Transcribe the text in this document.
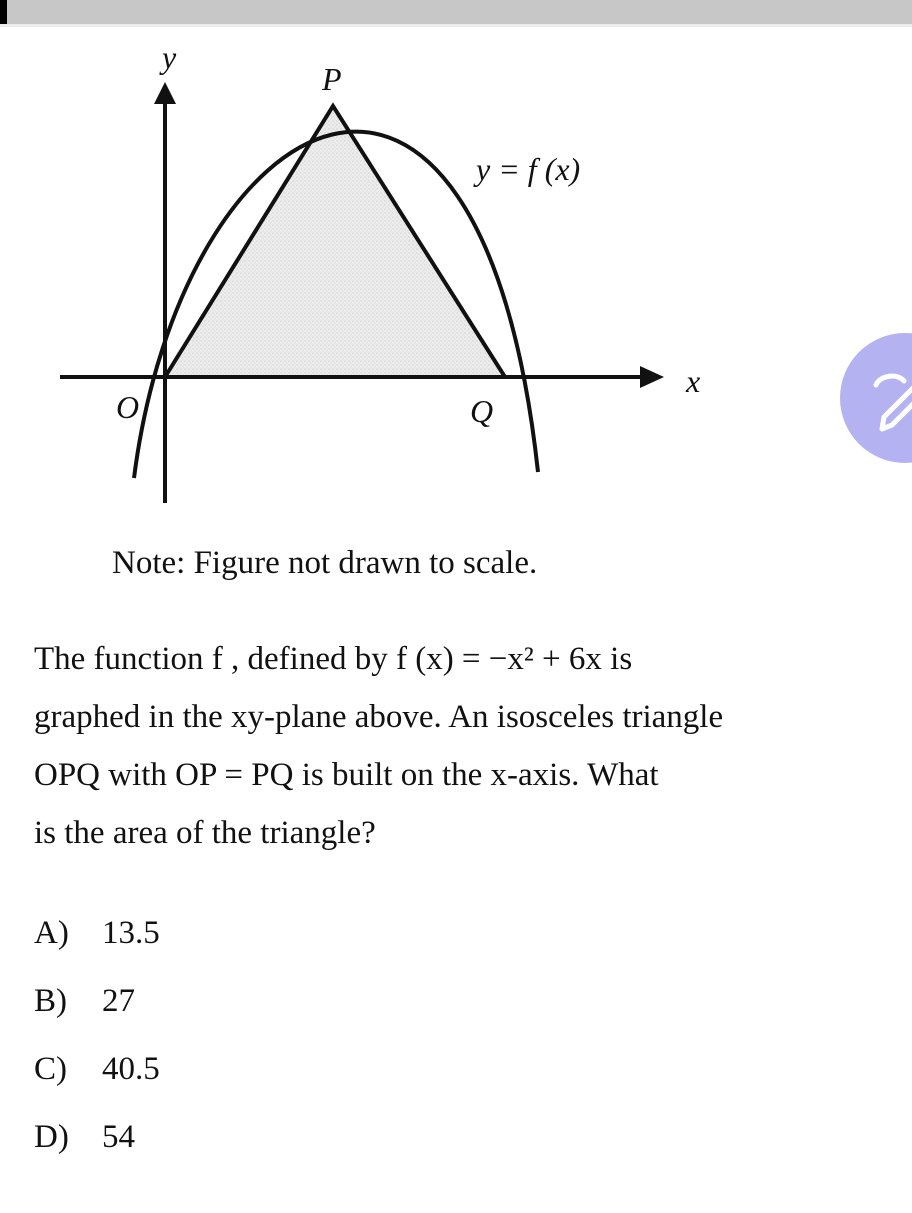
y
x
P
O	Q
y = f (x)

Note: Figure not drawn to scale.

The function f , defined by f (x) = −x² + 6x is
graphed in the xy-plane above. An isosceles triangle
OPQ with OP = PQ is built on the x-axis. What
is the area of the triangle?

A) 13.5
B) 27
C) 40.5
D) 54
